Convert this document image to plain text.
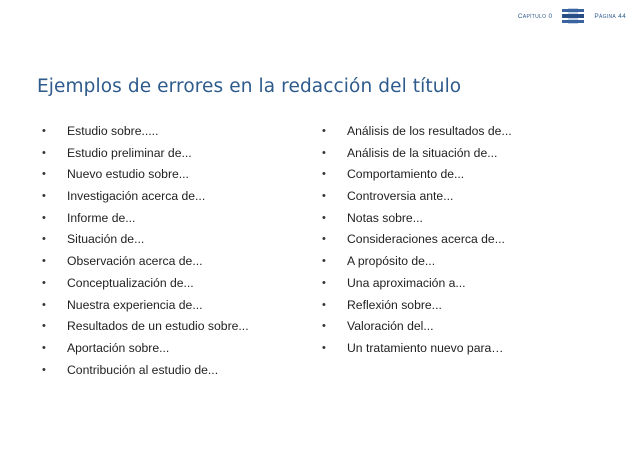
Capítulo 0	Página 44
Ejemplos de errores en la redacción del título
• Estudio sobre.....
• Estudio preliminar de...
• Nuevo estudio sobre...
• Investigación acerca de...
• Informe de...
• Situación de...
• Observación acerca de...
• Conceptualización de...
• Nuestra experiencia de...
• Resultados de un estudio sobre...
• Aportación sobre...
• Contribución al estudio de...
• Análisis de los resultados de...
• Análisis de la situación de...
• Comportamiento de...
• Controversia ante...
• Notas sobre...
• Consideraciones acerca de...
• A propósito de...
• Una aproximación a...
• Reflexión sobre...
• Valoración del...
• Un tratamiento nuevo para…
